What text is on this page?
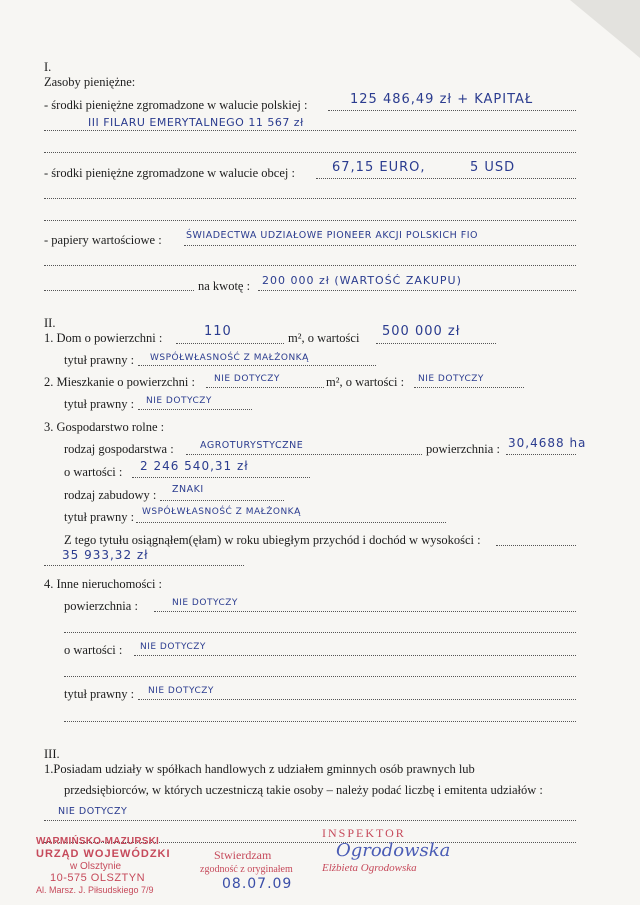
I.
Zasoby pieniężne:
- środki pieniężne zgromadzone w walucie polskiej :	125 486,49 zł + KAPITAŁ
III FILARU EMERYTALNEGO 11 567 zł
- środki pieniężne zgromadzone w walucie obcej :	67,15 EURO,	5 USD
- papiery wartościowe :	ŚWIADECTWA UDZIAŁOWE PIONEER AKCJI POLSKICH FIO
na kwotę : 200 000 zł (WARTOŚĆ ZAKUPU)
II.
1. Dom o powierzchni :	110	m², o wartości 500 000 zł
tytuł prawny : WSPÓŁWŁASNOŚĆ Z MAŁŻONKĄ
2. Mieszkanie o powierzchni : NIE DOTYCZY	m², o wartości : NIE DOTYCZY
tytuł prawny : NIE DOTYCZY
3. Gospodarstwo rolne :
rodzaj gospodarstwa :	AGROTURYSTYCZNE	powierzchnia : 30,4688 ha
o wartości : 2 246 540,31 zł
rodzaj zabudowy : ZNAKI
tytuł prawny : WSPÓŁWŁASNOŚĆ Z MAŁŻONKĄ
Z tego tytułu osiągnąłem(ęłam) w roku ubiegłym przychód i dochód w wysokości :
35 933,32 zł
4. Inne nieruchomości :
powierzchnia :	NIE DOTYCZY
o wartości : NIE DOTYCZY
tytuł prawny : NIE DOTYCZY
III.
1.Posiadam udziały w spółkach handlowych z udziałem gminnych osób prawnych lub
przedsiębiorców, w których uczestniczą takie osoby – należy podać liczbę i emitenta udziałów :
NIE DOTYCZY
WARMIŃSKO-MAZURSKI
URZĄD WOJEWÓDZKI
w Olsztynie
10-575 OLSZTYN
Al. Marsz. J. Piłsudskiego 7/9
Stwierdzam
zgodność z oryginałem
08.07.09
INSPEKTOR
Ogrodowska
Elżbieta Ogrodowska
